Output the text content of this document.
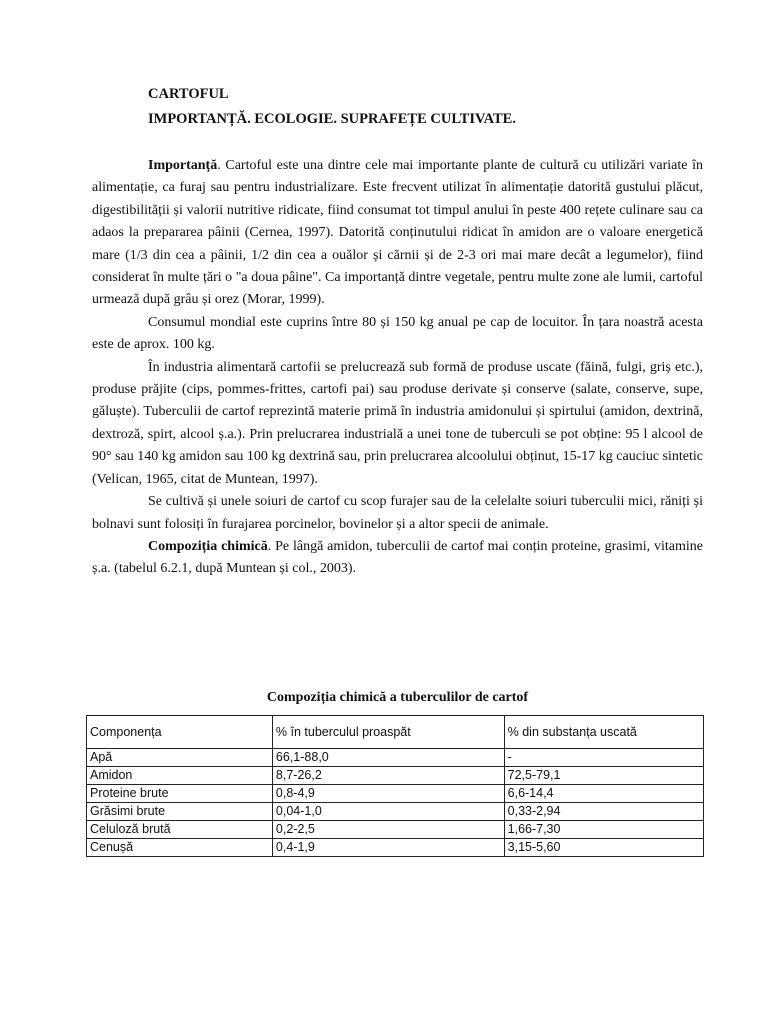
CARTOFUL
IMPORTANȚĂ. ECOLOGIE. SUPRAFEȚE CULTIVATE.

Importanță. Cartoful este una dintre cele mai importante plante de cultură cu utilizări variate în alimentație, ca furaj sau pentru industrializare. Este frecvent utilizat în alimentație datorită gustului plăcut, digestibilității și valorii nutritive ridicate, fiind consumat tot timpul anului în peste 400 rețete culinare sau ca adaos la prepararea pâinii (Cernea, 1997). Datorită conținutului ridicat în amidon are o valoare energetică mare (1/3 din cea a pâinii, 1/2 din cea a ouălor și cărnii și de 2-3 ori mai mare decât a legumelor), fiind considerat în multe țări o "a doua pâine". Ca importanță dintre vegetale, pentru multe zone ale lumii, cartoful urmează după grâu și orez (Morar, 1999).

Consumul mondial este cuprins între 80 și 150 kg anual pe cap de locuitor. În țara noastră acesta este de aprox. 100 kg.

În industria alimentară cartofii se prelucrează sub formă de produse uscate (făină, fulgi, griș etc.), produse prăjite (cips, pommes-frittes, cartofi pai) sau produse derivate și conserve (salate, conserve, supe, găluște). Tuberculii de cartof reprezintă materie primă în industria amidonului și spirtului (amidon, dextrină, dextroză, spirt, alcool ș.a.). Prin prelucrarea industrială a unei tone de tuberculi se pot obține: 95 l alcool de 90° sau 140 kg amidon sau 100 kg dextrină sau, prin prelucrarea alcoolului obținut, 15-17 kg cauciuc sintetic (Velican, 1965, citat de Muntean, 1997).

Se cultivă și unele soiuri de cartof cu scop furajer sau de la celelalte soiuri tuberculii mici, răniți și bolnavi sunt folosiți în furajarea porcinelor, bovinelor și a altor specii de animale.

Compoziția chimică. Pe lângă amidon, tuberculii de cartof mai conțin proteine, grasimi, vitamine ș.a. (tabelul 6.2.1, după Muntean și col., 2003).

Compoziția chimică a tuberculilor de cartof
Componența	% în tuberculul proaspăt	% din substanța uscată
Apă	66,1-88,0	-
Amidon	8,7-26,2	72,5-79,1
Proteine brute	0,8-4,9	6,6-14,4
Grăsimi brute	0,04-1,0	0,33-2,94
Celuloză brută	0,2-2,5	1,66-7,30
Cenușă	0,4-1,9	3,15-5,60
